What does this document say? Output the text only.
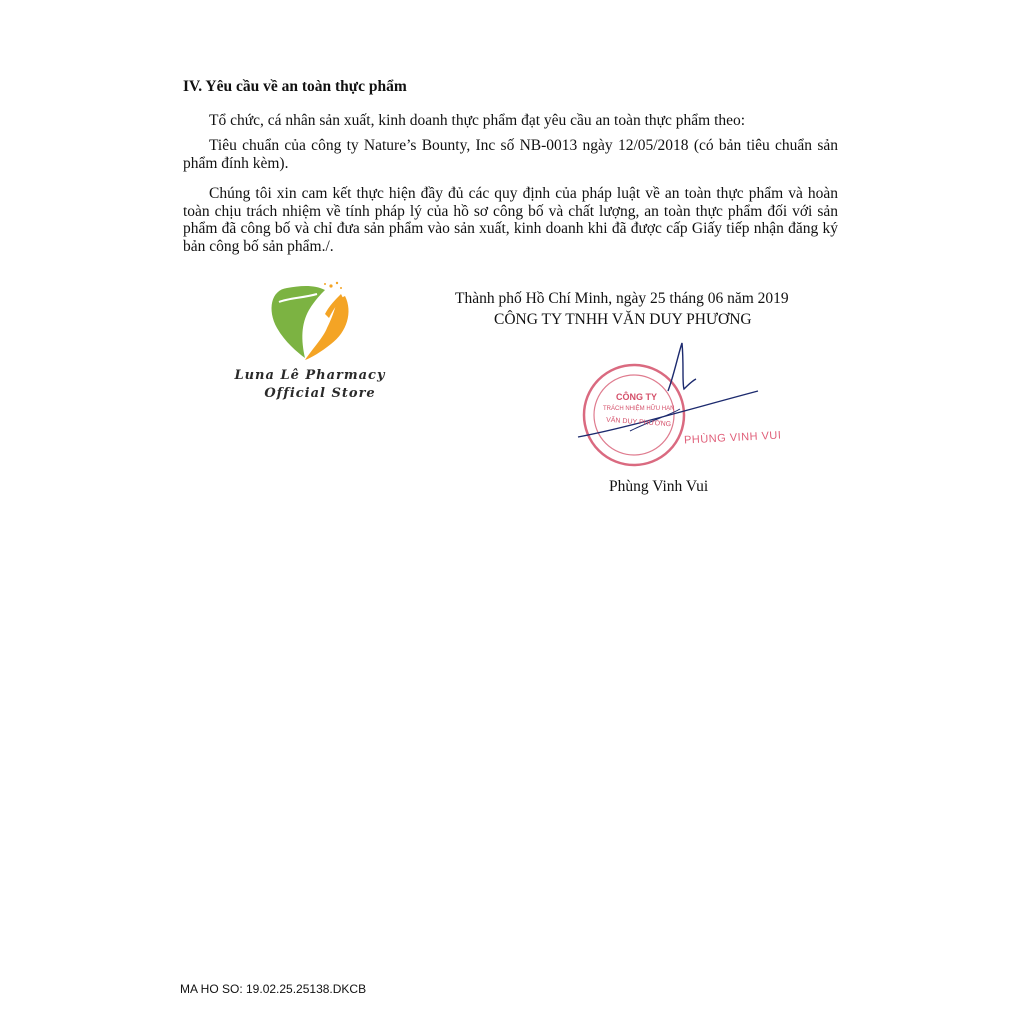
IV. Yêu cầu về an toàn thực phẩm
Tổ chức, cá nhân sản xuất, kinh doanh thực phẩm đạt yêu cầu an toàn thực phẩm theo:
Tiêu chuẩn của công ty Nature’s Bounty, Inc số NB-0013 ngày 12/05/2018 (có bản tiêu chuẩn sản phẩm đính kèm).
Chúng tôi xin cam kết thực hiện đầy đủ các quy định của pháp luật về an toàn thực phẩm và hoàn toàn chịu trách nhiệm về tính pháp lý của hồ sơ công bố và chất lượng, an toàn thực phẩm đối với sản phẩm đã công bố và chỉ đưa sản phẩm vào sản xuất, kinh doanh khi đã được cấp Giấy tiếp nhận đăng ký bản công bố sản phẩm./.
Luna Lê Pharmacy
Official Store
Thành phố Hồ Chí Minh, ngày 25 tháng 06 năm 2019
CÔNG TY TNHH VĂN DUY PHƯƠNG
CÔNG TY
TRÁCH NHIỆM HỮU HẠN
VĂN DUY PHƯƠNG
PHÙNG VINH VUI
Phùng Vinh Vui
MA HO SO: 19.02.25.25138.DKCB
